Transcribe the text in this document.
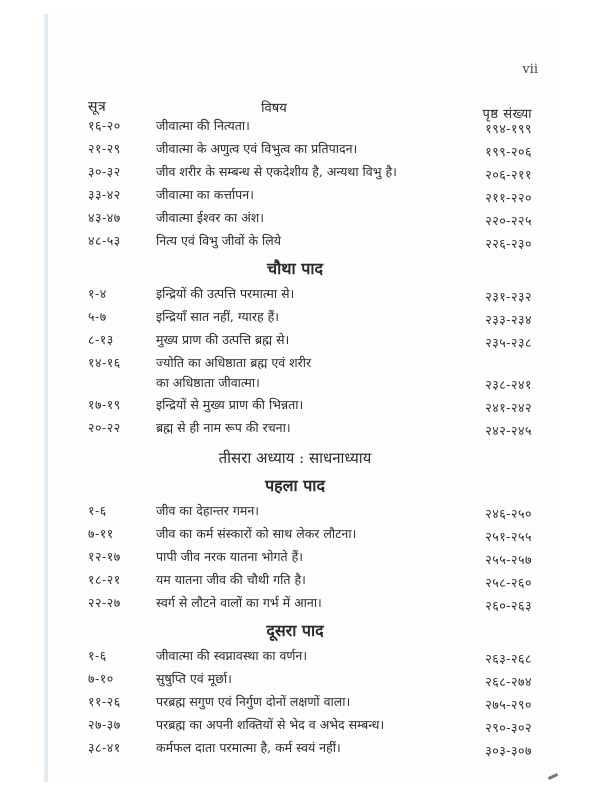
vii
सूत्र	विषय	पृष्ठ संख्या
१६-२०	जीवात्मा की नित्यता।	१९४-१९९
२१-२९	जीवात्मा के अणुत्व एवं विभुत्व का प्रतिपादन।	१९९-२०६
३०-३२	जीव शरीर के सम्बन्ध से एकदेशीय है, अन्यथा विभु है।	२०६-२११
३३-४२	जीवात्मा का कर्त्तापन।	२११-२२०
४३-४७	जीवात्मा ईश्वर का अंश।	२२०-२२५
४८-५३	नित्य एवं विभु जीवों के लिये	२२६-२३०
चौथा पाद
१-४	इन्द्रियों की उत्पत्ति परमात्मा से।	२३१-२३२
५-७	इन्द्रियाँ सात नहीं, ग्यारह हैं।	२३३-२३४
८-१३	मुख्य प्राण की उत्पत्ति ब्रह्म से।	२३५-२३८
१४-१६	ज्योति का अधिष्ठाता ब्रह्म एवं शरीर
का अधिष्ठाता जीवात्मा।	२३८-२४१
१७-१९	इन्द्रियों से मुख्य प्राण की भिन्नता।	२४१-२४२
२०-२२	ब्रह्म से ही नाम रूप की रचना।	२४२-२४५
तीसरा अध्याय : साधनाध्याय
पहला पाद
१-६	जीव का देहान्तर गमन।	२४६-२५०
७-११	जीव का कर्म संस्कारों को साथ लेकर लौटना।	२५१-२५५
१२-१७	पापी जीव नरक यातना भोगते हैं।	२५५-२५७
१८-२१	यम यातना जीव की चौथी गति है।	२५८-२६०
२२-२७	स्वर्ग से लौटने वालों का गर्भ में आना।	२६०-२६३
दूसरा पाद
१-६	जीवात्मा की स्वप्नावस्था का वर्णन।	२६३-२६८
७-१०	सुषुप्ति एवं मूर्छा।	२६८-२७४
११-२६	परब्रह्म सगुण एवं निर्गुण दोनों लक्षणों वाला।	२७५-२९०
२७-३७	परब्रह्म का अपनी शक्तियों से भेद व अभेद सम्बन्ध।	२९०-३०२
३८-४१	कर्मफल दाता परमात्मा है, कर्म स्वयं नहीं।	३०३-३०७
